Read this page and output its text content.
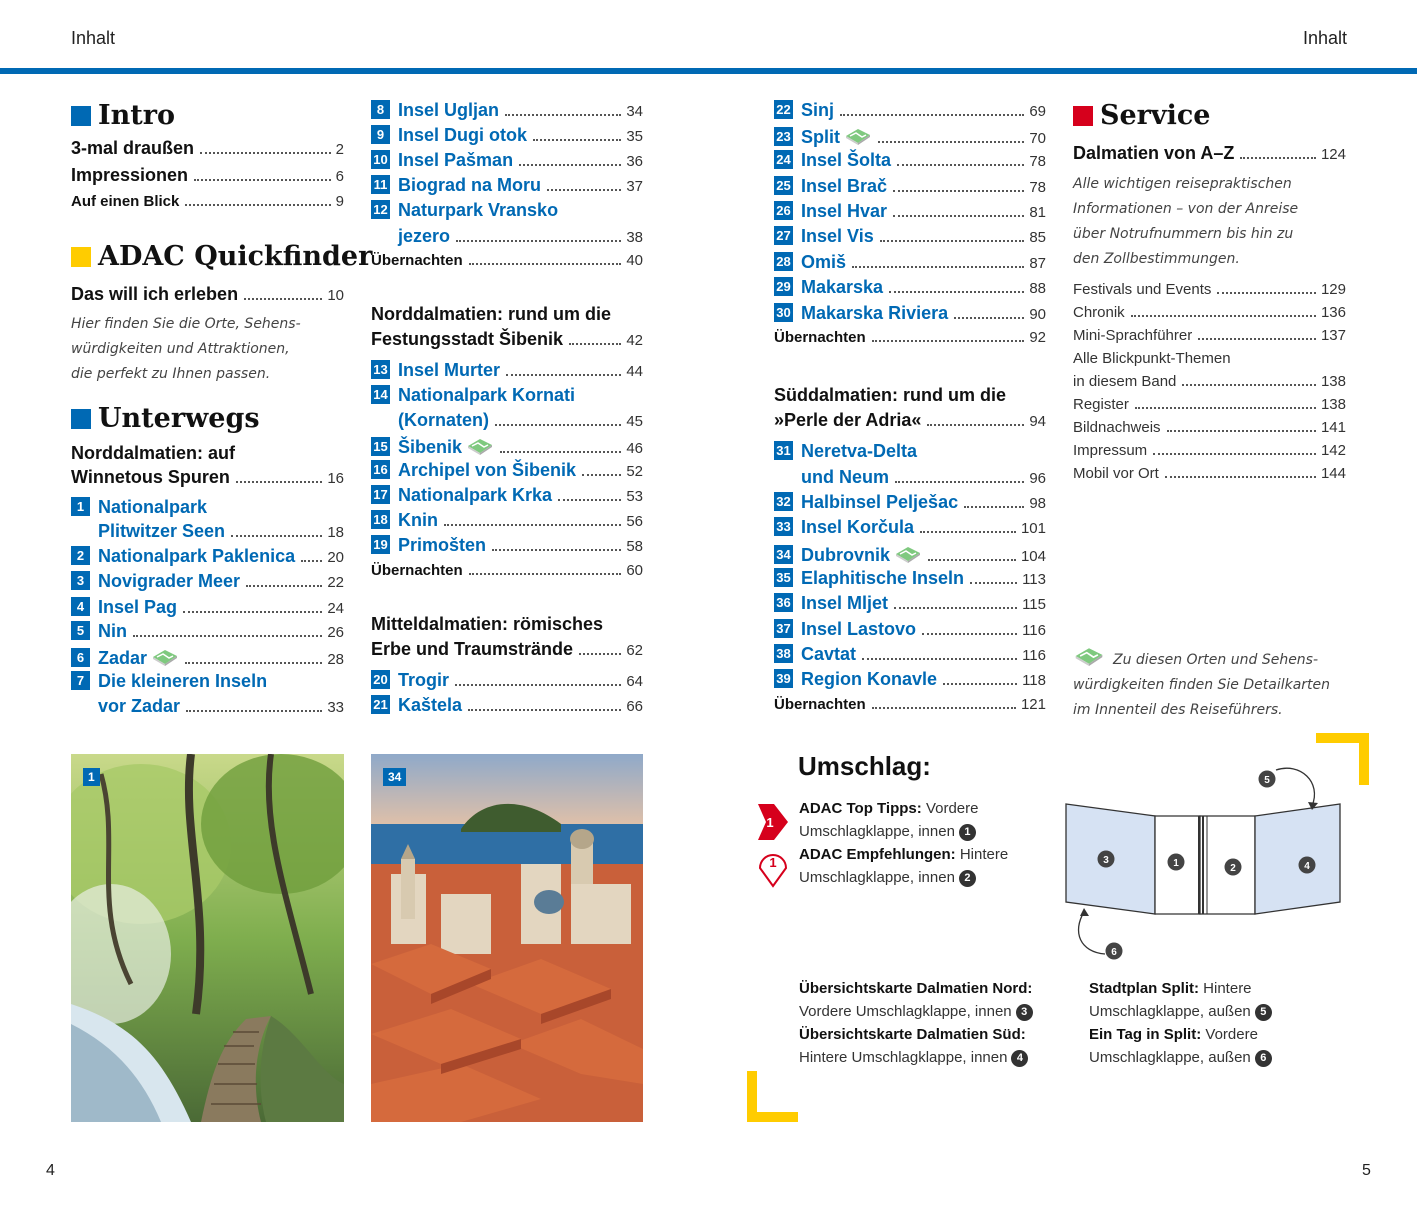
Inhalt	Inhalt
Intro
3-mal draußen	2
Impressionen	6
Auf einen Blick	9
ADAC Quickfinder
Das will ich erleben	10
Hier finden Sie die Orte, Sehens-
würdigkeiten und Attraktionen,
die perfekt zu Ihnen passen.
Unterwegs
Norddalmatien: auf
Winnetous Spuren	16
1 Nationalpark
Plitwitzer Seen	18
2 Nationalpark Paklenica 20
3 Novigrader Meer	22
4 Insel Pag	24
5 Nin	26
6 Zadar	28
7 Die kleineren Inseln
vor Zadar	33
8 Insel Ugljan	34
9 Insel Dugi otok	35
10 Insel Pašman	36
11 Biograd na Moru	37
12 Naturpark Vransko
jezero	38
Übernachten	40
Norddalmatien: rund um die
Festungsstadt Šibenik	42
13 Insel Murter	44
14 Nationalpark Kornati
(Kornaten)	45
15 Šibenik	46
16 Archipel von Šibenik	52
17 Nationalpark Krka	53
18 Knin	56
19 Primošten	58
Übernachten	60
Mitteldalmatien: römisches
Erbe und Traumstrände	62
20 Trogir	64
21 Kaštela	66
Übernachten	92
Süddalmatien: rund um die
»Perle der Adria«	94
31 Neretva-Delta
und Neum	96
Übernachten	121
Service
Dalmatien von A–Z	124
Alle wichtigen reisepraktischen
Informationen – von der Anreise
über Notrufnummern bis hin zu
den Zollbestimmungen.
Zu diesen Orten und Sehens-
würdigkeiten finden Sie Detailkarten
im Innenteil des Reiseführers.
1	34	Umschlag:
1
ADAC Top Tipps: Vordere
Umschlagklappe, innen 1
1 ADAC Empfehlungen: Hintere
Umschlagklappe, innen 2
3	1	2	4
5
6
Übersichtskarte Dalmatien Nord:
Vordere Umschlagklappe, innen 3
Übersichtskarte Dalmatien Süd:
Hintere Umschlagklappe, innen 4
Stadtplan Split: Hintere
Umschlagklappe, außen 5
Ein Tag in Split: Vordere
Umschlagklappe, außen 6
4	5
22 Sinj	69
23 Split	70
24 Insel Šolta	78
25 Insel Brač	78
26 Insel Hvar	81
27 Insel Vis	85
28 Omiš	87
29 Makarska	88
30 Makarska Riviera	90
32 Halbinsel Pelješac	98
33 Insel Korčula	101
34 Dubrovnik	104
35 Elaphitische Inseln	113
36 Insel Mljet	115
37 Insel Lastovo	116
38 Cavtat	116
39 Region Konavle	118
Festivals und Events	129
Chronik	136
Mini-Sprachführer	137
Alle Blickpunkt-Themen
in diesem Band	138
Register	138
Bildnachweis	141
Impressum	142
Mobil vor Ort	144
